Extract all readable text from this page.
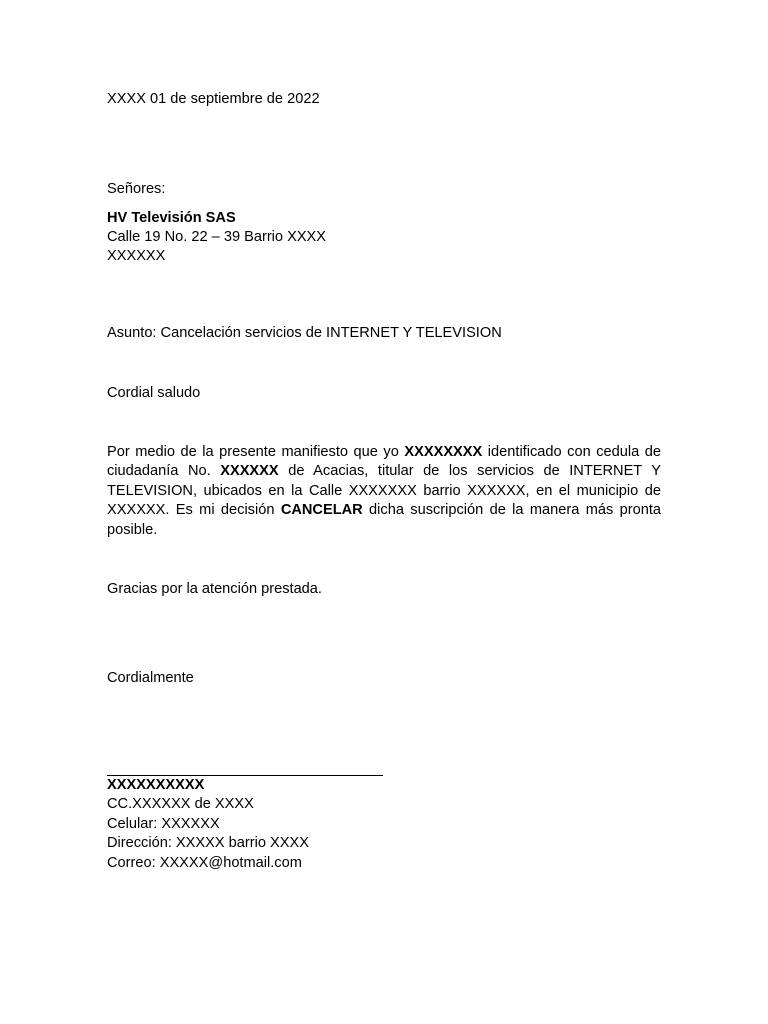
XXXX 01 de septiembre de 2022
Señores:
HV Televisión SAS
Calle 19 No. 22 – 39 Barrio XXXX
XXXXXX
Asunto: Cancelación servicios de INTERNET Y TELEVISION
Cordial saludo
Por medio de la presente manifiesto que yo XXXXXXXX identificado con cedula de ciudadanía No. XXXXXX de Acacias, titular de los servicios de INTERNET Y TELEVISION, ubicados en la Calle XXXXXXX barrio XXXXXX, en el municipio de XXXXXX. Es mi decisión CANCELAR dicha suscripción de la manera más pronta posible.
Gracias por la atención prestada.
Cordialmente
XXXXXXXXXX
CC.XXXXXX de XXXX
Celular: XXXXXX
Dirección: XXXXX barrio XXXX
Correo: XXXXX@hotmail.com
